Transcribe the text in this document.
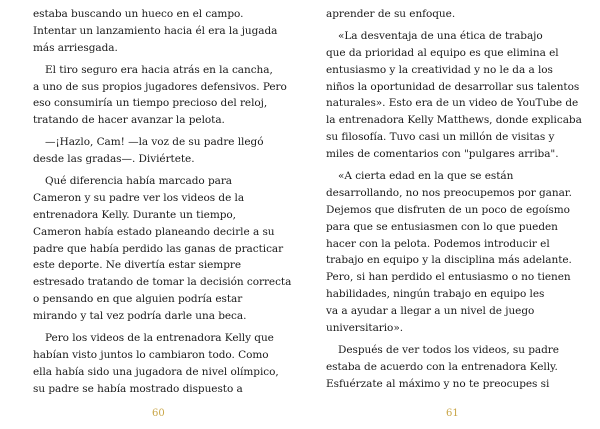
estaba buscando un hueco en el campo.
Intentar un lanzamiento hacia él era la jugada
más arriesgada.
El tiro seguro era hacia atrás en la cancha,
a uno de sus propios jugadores defensivos. Pero
eso consumiría un tiempo precioso del reloj,
tratando de hacer avanzar la pelota.
—¡Hazlo, Cam! —la voz de su padre llegó
desde las gradas—. Diviértete.
Qué diferencia había marcado para
Cameron y su padre ver los videos de la
entrenadora Kelly. Durante un tiempo,
Cameron había estado planeando decirle a su
padre que había perdido las ganas de practicar
este deporte. Ne divertía estar siempre
estresado tratando de tomar la decisión correcta
o pensando en que alguien podría estar
mirando y tal vez podría darle una beca.
Pero los videos de la entrenadora Kelly que
habían visto juntos lo cambiaron todo. Como
ella había sido una jugadora de nivel olímpico,
su padre se había mostrado dispuesto a
60
aprender de su enfoque.
«La desventaja de una ética de trabajo
que da prioridad al equipo es que elimina el
entusiasmo y la creatividad y no le da a los
niños la oportunidad de desarrollar sus talentos
naturales». Esto era de un video de YouTube de
la entrenadora Kelly Matthews, donde explicaba
su filosofía. Tuvo casi un millón de visitas y
miles de comentarios con "pulgares arriba".
«A cierta edad en la que se están
desarrollando, no nos preocupemos por ganar.
Dejemos que disfruten de un poco de egoísmo
para que se entusiasmen con lo que pueden
hacer con la pelota. Podemos introducir el
trabajo en equipo y la disciplina más adelante.
Pero, si han perdido el entusiasmo o no tienen
habilidades, ningún trabajo en equipo les
va a ayudar a llegar a un nivel de juego
universitario».
Después de ver todos los videos, su padre
estaba de acuerdo con la entrenadora Kelly.
Esfuérzate al máximo y no te preocupes si
61
